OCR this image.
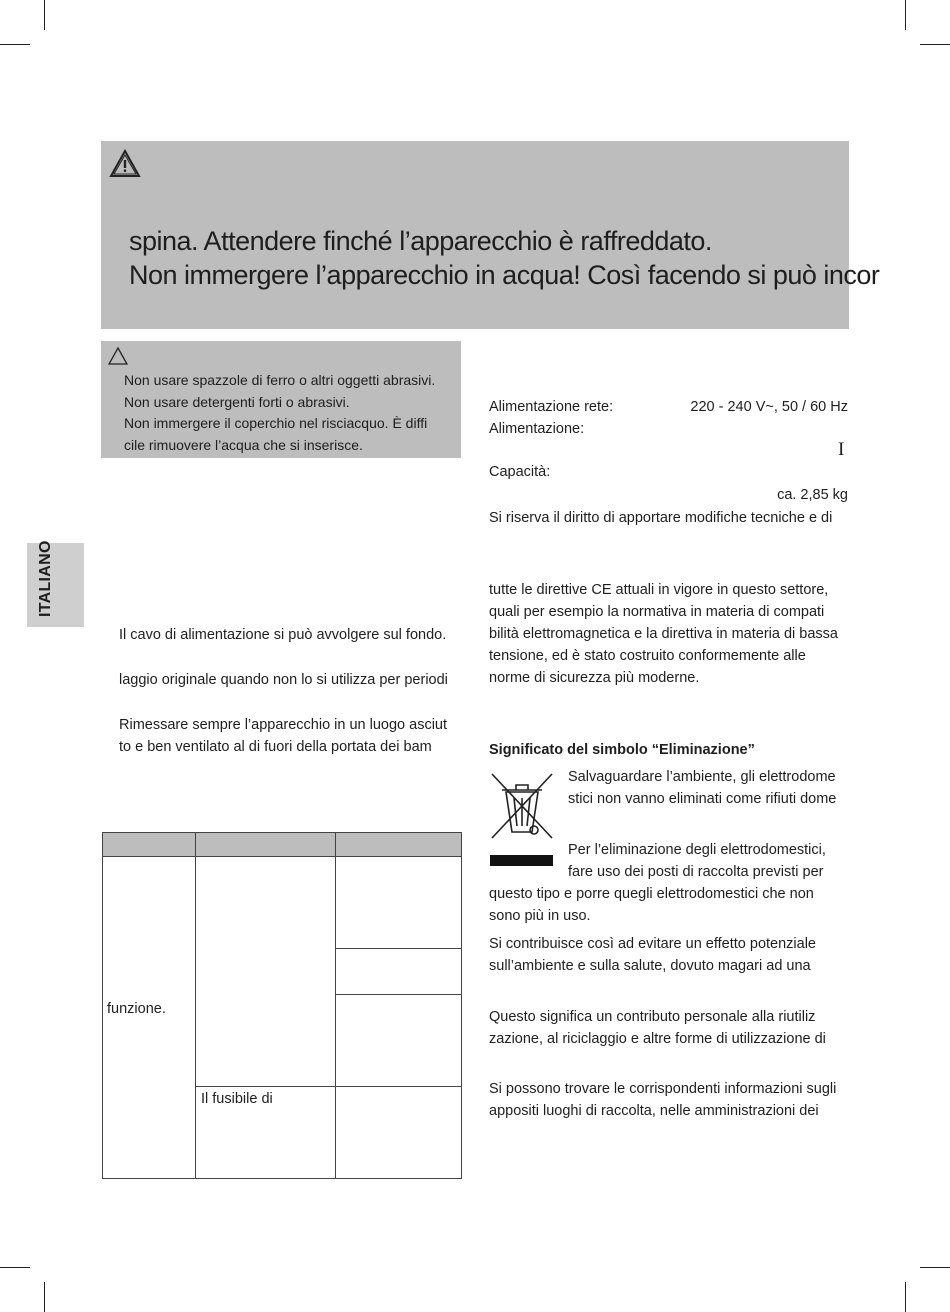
spina. Attendere finché l’apparecchio è raffreddato.
Non immergere l’apparecchio in acqua! Così facendo si può incor
Non usare spazzole di ferro o altri oggetti abrasivi.
Non usare detergenti forti o abrasivi.
Non immergere il coperchio nel risciacquo. È diffi
cile rimuovere l’acqua che si inserisce.
ITALIANO
Il cavo di alimentazione si può avvolgere sul fondo.
laggio originale quando non lo si utilizza per periodi
Rimessare sempre l’apparecchio in un luogo asciut
to e ben ventilato al di fuori della portata dei bam

funzione.		

	Il fusibile di	

Alimentazione rete:	220 - 240 V~, 50 / 60 Hz
Alimentazione:
I
Capacità:
ca. 2,85 kg
Si riserva il diritto di apportare modifiche tecniche e di
tutte le direttive CE attuali in vigore in questo settore,
quali per esempio la normativa in materia di compati
bilità elettromagnetica e la direttiva in materia di bassa
tensione, ed è stato costruito conformemente alle
norme di sicurezza più moderne.
Significato del simbolo “Eliminazione”
Salvaguardare l’ambiente, gli elettrodome
stici non vanno eliminati come rifiuti dome
Per l’eliminazione degli elettrodomestici,
fare uso dei posti di raccolta previsti per
questo tipo e porre quegli elettrodomestici che non
sono più in uso.
Si contribuisce così ad evitare un effetto potenziale
sull’ambiente e sulla salute, dovuto magari ad una
Questo significa un contributo personale alla riutiliz
zazione, al riciclaggio e altre forme di utilizzazione di
Si possono trovare le corrispondenti informazioni sugli
appositi luoghi di raccolta, nelle amministrazioni dei
